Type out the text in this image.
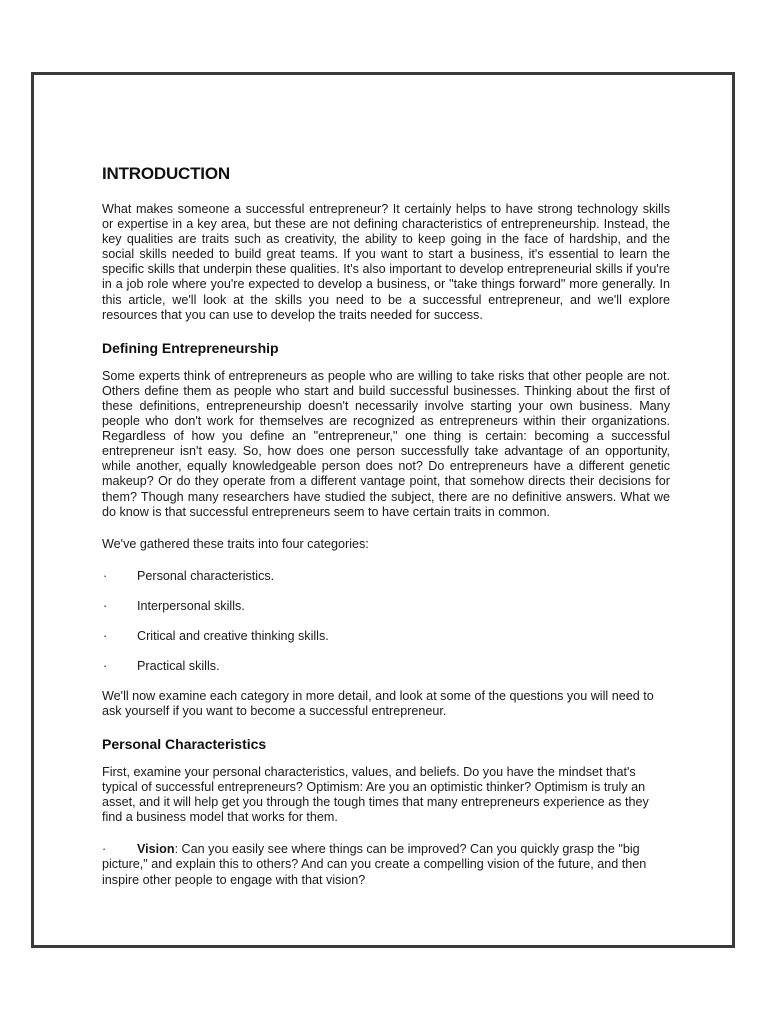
INTRODUCTION

What makes someone a successful entrepreneur? It certainly helps to have strong technology skills or expertise in a key area, but these are not defining characteristics of entrepreneurship. Instead, the key qualities are traits such as creativity, the ability to keep going in the face of hardship, and the social skills needed to build great teams. If you want to start a business, it's essential to learn the specific skills that underpin these qualities. It's also important to develop entrepreneurial skills if you're in a job role where you're expected to develop a business, or "take things forward" more generally. In this article, we'll look at the skills you need to be a successful entrepreneur, and we'll explore resources that you can use to develop the traits needed for success.

Defining Entrepreneurship

Some experts think of entrepreneurs as people who are willing to take risks that other people are not. Others define them as people who start and build successful businesses. Thinking about the first of these definitions, entrepreneurship doesn't necessarily involve starting your own business. Many people who don't work for themselves are recognized as entrepreneurs within their organizations. Regardless of how you define an "entrepreneur," one thing is certain: becoming a successful entrepreneur isn't easy. So, how does one person successfully take advantage of an opportunity, while another, equally knowledgeable person does not? Do entrepreneurs have a different genetic makeup? Or do they operate from a different vantage point, that somehow directs their decisions for them? Though many researchers have studied the subject, there are no definitive answers. What we do know is that successful entrepreneurs seem to have certain traits in common.

We've gathered these traits into four categories:

· Personal characteristics.
· Interpersonal skills.
· Critical and creative thinking skills.
· Practical skills.

We'll now examine each category in more detail, and look at some of the questions you will need to ask yourself if you want to become a successful entrepreneur.

Personal Characteristics

First, examine your personal characteristics, values, and beliefs. Do you have the mindset that's typical of successful entrepreneurs? Optimism: Are you an optimistic thinker? Optimism is truly an asset, and it will help get you through the tough times that many entrepreneurs experience as they find a business model that works for them.

· Vision: Can you easily see where things can be improved? Can you quickly grasp the "big picture," and explain this to others? And can you create a compelling vision of the future, and then inspire other people to engage with that vision?
